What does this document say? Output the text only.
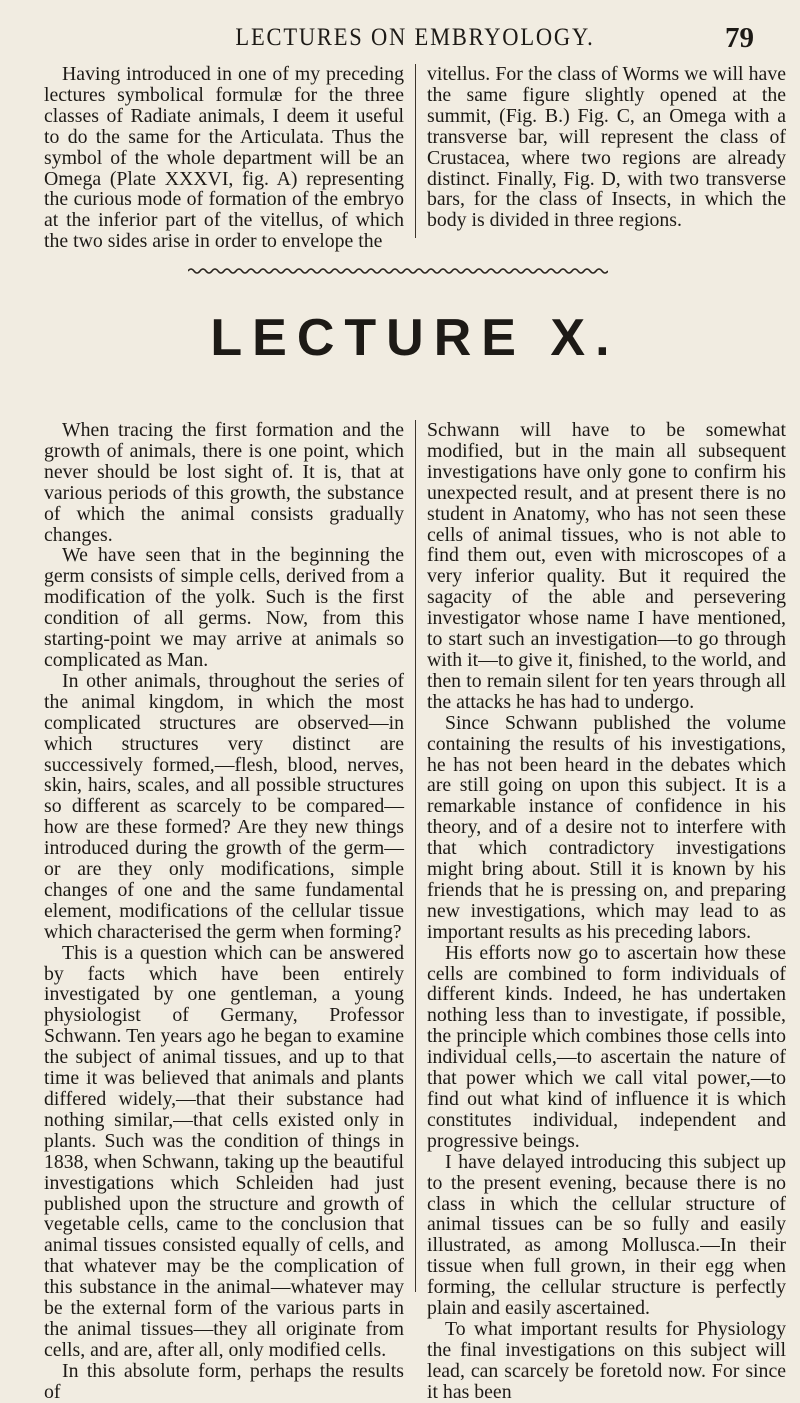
LECTURES ON EMBRYOLOGY.	79

Having introduced in one of my preceding lectures symbolical formulæ for the three classes of Radiate animals, I deem it useful to do the same for the Articulata. Thus the symbol of the whole department will be an Omega (Plate XXXVI, fig. A) representing the curious mode of formation of the embryo at the inferior part of the vitellus, of which the two sides arise in order to envelope the

vitellus. For the class of Worms we will have the same figure slightly opened at the summit, (Fig. B.) Fig. C, an Omega with a transverse bar, will represent the class of Crustacea, where two regions are already distinct. Finally, Fig. D, with two transverse bars, for the class of Insects, in which the body is divided in three regions.

LECTURE X.

When tracing the first formation and the growth of animals, there is one point, which never should be lost sight of. It is, that at various periods of this growth, the substance of which the animal consists gradually changes.

We have seen that in the beginning the germ consists of simple cells, derived from a modification of the yolk. Such is the first condition of all germs. Now, from this starting-point we may arrive at animals so complicated as Man.

In other animals, throughout the series of the animal kingdom, in which the most complicated structures are observed—in which structures very distinct are successively formed,—flesh, blood, nerves, skin, hairs, scales, and all possible structures so different as scarcely to be compared—how are these formed? Are they new things introduced during the growth of the germ—or are they only modifications, simple changes of one and the same fundamental element, modifications of the cellular tissue which characterised the germ when forming?

This is a question which can be answered by facts which have been entirely investigated by one gentleman, a young physiologist of Germany, Professor Schwann. Ten years ago he began to examine the subject of animal tissues, and up to that time it was believed that animals and plants differed widely,—that their substance had nothing similar,—that cells existed only in plants. Such was the condition of things in 1838, when Schwann, taking up the beautiful investigations which Schleiden had just published upon the structure and growth of vegetable cells, came to the conclusion that animal tissues consisted equally of cells, and that whatever may be the complication of this substance in the animal—whatever may be the external form of the various parts in the animal tissues—they all originate from cells, and are, after all, only modified cells.

In this absolute form, perhaps the results of

Schwann will have to be somewhat modified, but in the main all subsequent investigations have only gone to confirm his unexpected result, and at present there is no student in Anatomy, who has not seen these cells of animal tissues, who is not able to find them out, even with microscopes of a very inferior quality. But it required the sagacity of the able and persevering investigator whose name I have mentioned, to start such an investigation—to go through with it—to give it, finished, to the world, and then to remain silent for ten years through all the attacks he has had to undergo.

Since Schwann published the volume containing the results of his investigations, he has not been heard in the debates which are still going on upon this subject. It is a remarkable instance of confidence in his theory, and of a desire not to interfere with that which contradictory investigations might bring about. Still it is known by his friends that he is pressing on, and preparing new investigations, which may lead to as important results as his preceding labors.

His efforts now go to ascertain how these cells are combined to form individuals of different kinds. Indeed, he has undertaken nothing less than to investigate, if possible, the principle which combines those cells into individual cells,—to ascertain the nature of that power which we call vital power,—to find out what kind of influence it is which constitutes individual, independent and progressive beings.

I have delayed introducing this subject up to the present evening, because there is no class in which the cellular structure of animal tissues can be so fully and easily illustrated, as among Mollusca.—In their tissue when full grown, in their egg when forming, the cellular structure is perfectly plain and easily ascertained.

To what important results for Physiology the final investigations on this subject will lead, can scarcely be foretold now. For since it has been
